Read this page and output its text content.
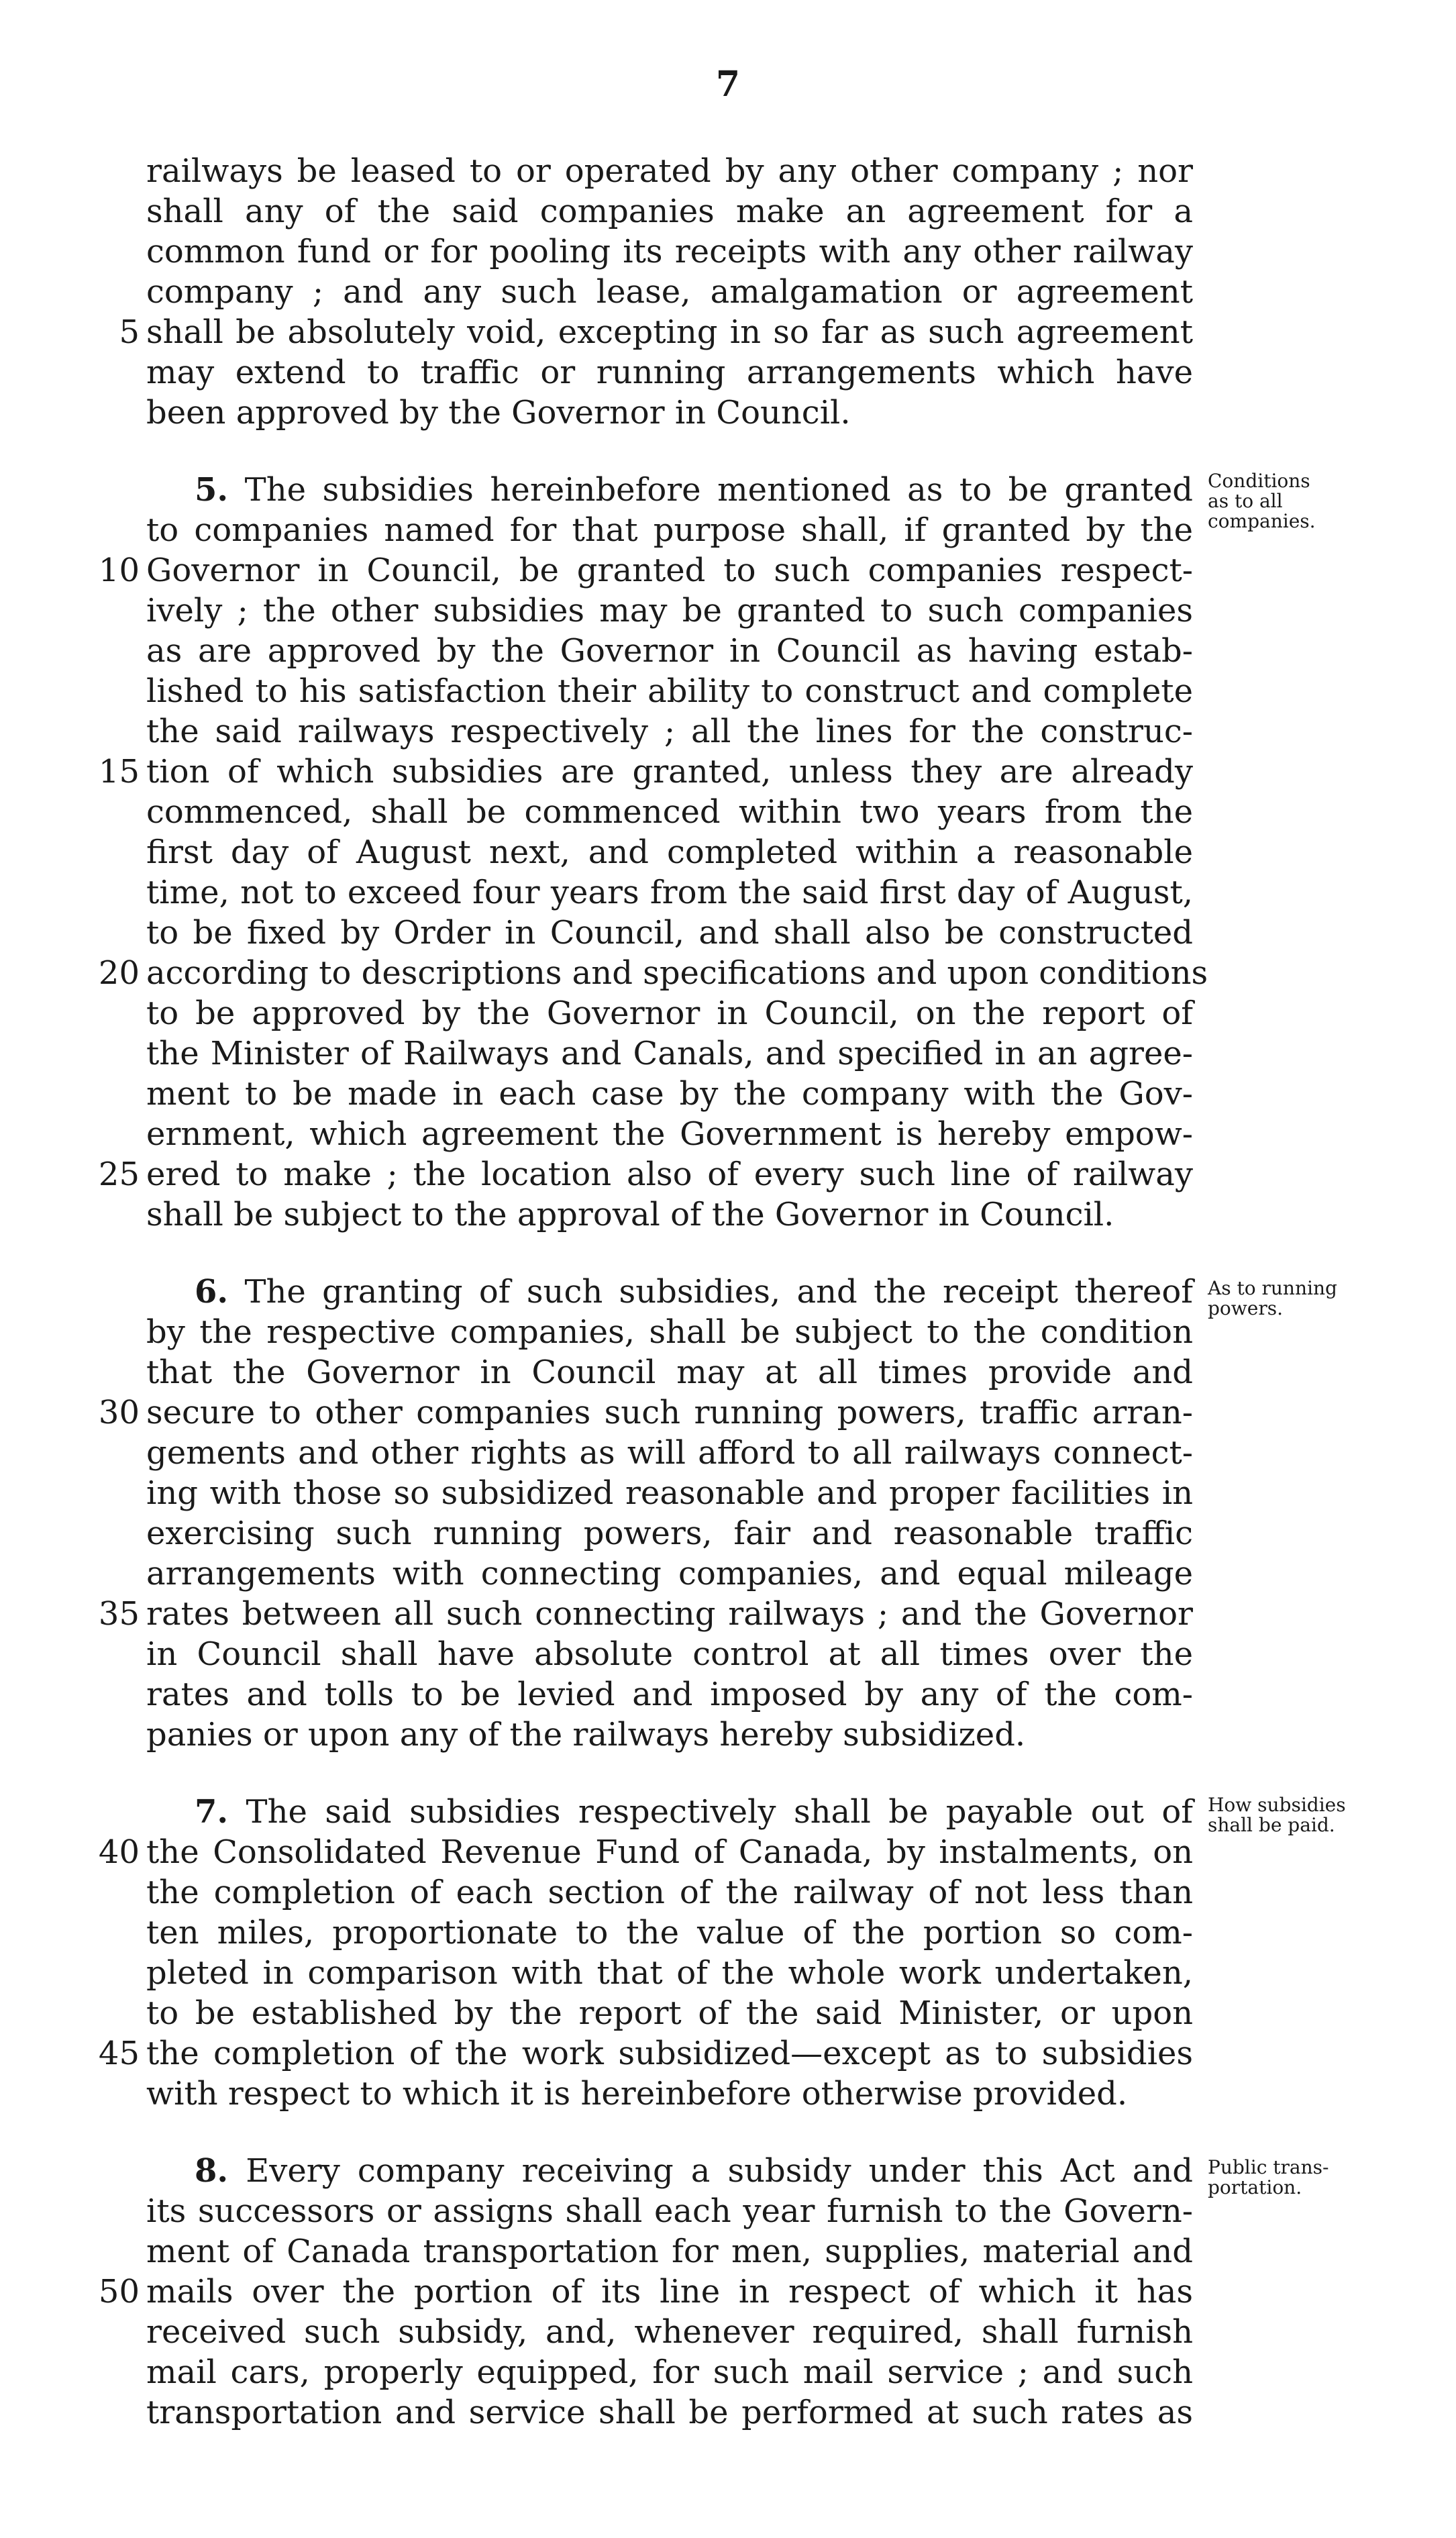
7
railways be leased to or operated by any other company ; nor
shall any of the said companies make an agreement for a
common fund or for pooling its receipts with any other railway
company ; and any such lease, amalgamation or agreement
shall be absolutely void, excepting in so far as such agreement
may extend to traffic or running arrangements which have
been approved by the Governor in Council.
5. The subsidies hereinbefore mentioned as to be granted
to companies named for that purpose shall, if granted by the
Governor in Council, be granted to such companies respect-
ively ; the other subsidies may be granted to such companies
as are approved by the Governor in Council as having estab-
lished to his satisfaction their ability to construct and complete
the said railways respectively ; all the lines for the construc-
tion of which subsidies are granted, unless they are already
commenced, shall be commenced within two years from the
first day of August next, and completed within a reasonable
time, not to exceed four years from the said first day of August,
to be fixed by Order in Council, and shall also be constructed
according to descriptions and specifications and upon conditions
to be approved by the Governor in Council, on the report of
the Minister of Railways and Canals, and specified in an agree-
ment to be made in each case by the company with the Gov-
ernment, which agreement the Government is hereby empow-
ered to make ; the location also of every such line of railway
shall be subject to the approval of the Governor in Council.
Conditions
as to all
companies.
6. The granting of such subsidies, and the receipt thereof
by the respective companies, shall be subject to the condition
that the Governor in Council may at all times provide and
secure to other companies such running powers, traffic arran-
gements and other rights as will afford to all railways connect-
ing with those so subsidized reasonable and proper facilities in
exercising such running powers, fair and reasonable traffic
arrangements with connecting companies, and equal mileage
rates between all such connecting railways ; and the Governor
in Council shall have absolute control at all times over the
rates and tolls to be levied and imposed by any of the com-
panies or upon any of the railways hereby subsidized.
As to running
powers.
7. The said subsidies respectively shall be payable out of
the Consolidated Revenue Fund of Canada, by instalments, on
the completion of each section of the railway of not less than
ten miles, proportionate to the value of the portion so com-
pleted in comparison with that of the whole work undertaken,
to be established by the report of the said Minister, or upon
the completion of the work subsidized—except as to subsidies
with respect to which it is hereinbefore otherwise provided.
How subsidies
shall be paid.
8. Every company receiving a subsidy under this Act and
its successors or assigns shall each year furnish to the Govern-
ment of Canada transportation for men, supplies, material and
mails over the portion of its line in respect of which it has
received such subsidy, and, whenever required, shall furnish
mail cars, properly equipped, for such mail service ; and such
transportation and service shall be performed at such rates as
Public trans-
portation.
5
10
15
20
25
30
35
40
45
50
